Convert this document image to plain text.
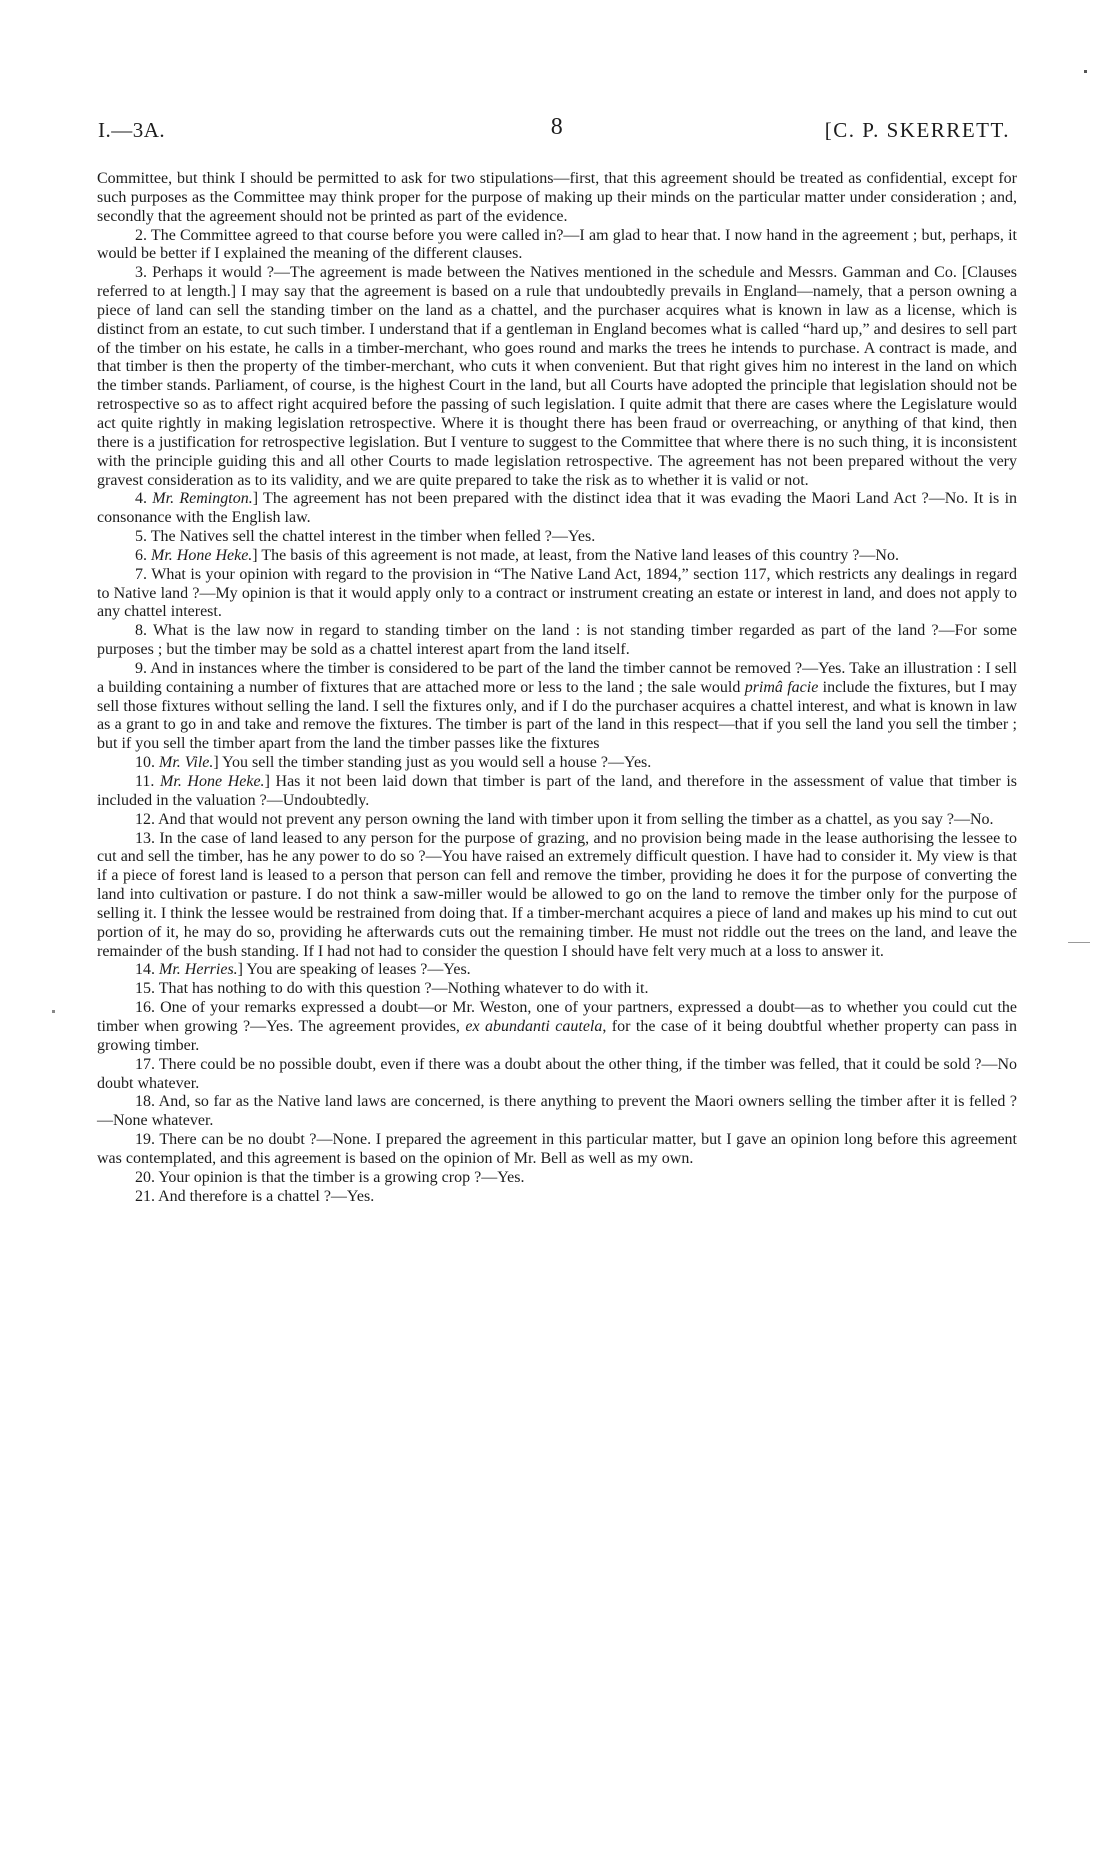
I.—3A.	8	[C. P. SKERRETT.

Committee, but think I should be permitted to ask for two stipulations—first, that this agreement should be treated as confidential, except for such purposes as the Committee may think proper for the purpose of making up their minds on the particular matter under consideration ; and, secondly that the agreement should not be printed as part of the evidence.

2. The Committee agreed to that course before you were called in?—I am glad to hear that. I now hand in the agreement ; but, perhaps, it would be better if I explained the meaning of the different clauses.

3. Perhaps it would ?—The agreement is made between the Natives mentioned in the schedule and Messrs. Gamman and Co. [Clauses referred to at length.] I may say that the agreement is based on a rule that undoubtedly prevails in England—namely, that a person owning a piece of land can sell the standing timber on the land as a chattel, and the purchaser acquires what is known in law as a license, which is distinct from an estate, to cut such timber. I understand that if a gentleman in England becomes what is called “hard up,” and desires to sell part of the timber on his estate, he calls in a timber-merchant, who goes round and marks the trees he intends to purchase. A contract is made, and that timber is then the property of the timber-merchant, who cuts it when convenient. But that right gives him no interest in the land on which the timber stands. Parliament, of course, is the highest Court in the land, but all Courts have adopted the principle that legislation should not be retrospective so as to affect right acquired before the passing of such legislation. I quite admit that there are cases where the Legislature would act quite rightly in making legislation retrospective. Where it is thought there has been fraud or overreaching, or anything of that kind, then there is a justification for retrospective legislation. But I venture to suggest to the Committee that where there is no such thing, it is inconsistent with the principle guiding this and all other Courts to made legislation retrospective. The agreement has not been prepared without the very gravest consideration as to its validity, and we are quite prepared to take the risk as to whether it is valid or not.

4. Mr. Remington.] The agreement has not been prepared with the distinct idea that it was evading the Maori Land Act ?—No. It is in consonance with the English law.

5. The Natives sell the chattel interest in the timber when felled ?—Yes.

6. Mr. Hone Heke.] The basis of this agreement is not made, at least, from the Native land leases of this country ?—No.

7. What is your opinion with regard to the provision in “The Native Land Act, 1894,” section 117, which restricts any dealings in regard to Native land ?—My opinion is that it would apply only to a contract or instrument creating an estate or interest in land, and does not apply to any chattel interest.

8. What is the law now in regard to standing timber on the land : is not standing timber regarded as part of the land ?—For some purposes ; but the timber may be sold as a chattel interest apart from the land itself.

9. And in instances where the timber is considered to be part of the land the timber cannot be removed ?—Yes. Take an illustration : I sell a building containing a number of fixtures that are attached more or less to the land ; the sale would primâ facie include the fixtures, but I may sell those fixtures without selling the land. I sell the fixtures only, and if I do the purchaser acquires a chattel interest, and what is known in law as a grant to go in and take and remove the fixtures. The timber is part of the land in this respect—that if you sell the land you sell the timber ; but if you sell the timber apart from the land the timber passes like the fixtures

10. Mr. Vile.] You sell the timber standing just as you would sell a house ?—Yes.

11. Mr. Hone Heke.] Has it not been laid down that timber is part of the land, and therefore in the assessment of value that timber is included in the valuation ?—Undoubtedly.

12. And that would not prevent any person owning the land with timber upon it from selling the timber as a chattel, as you say ?—No.

13. In the case of land leased to any person for the purpose of grazing, and no provision being made in the lease authorising the lessee to cut and sell the timber, has he any power to do so ?—You have raised an extremely difficult question. I have had to consider it. My view is that if a piece of forest land is leased to a person that person can fell and remove the timber, providing he does it for the purpose of converting the land into cultivation or pasture. I do not think a saw-miller would be allowed to go on the land to remove the timber only for the purpose of selling it. I think the lessee would be restrained from doing that. If a timber-merchant acquires a piece of land and makes up his mind to cut out portion of it, he may do so, providing he afterwards cuts out the remaining timber. He must not riddle out the trees on the land, and leave the remainder of the bush standing. If I had not had to consider the question I should have felt very much at a loss to answer it.

14. Mr. Herries.] You are speaking of leases ?—Yes.

15. That has nothing to do with this question ?—Nothing whatever to do with it.

16. One of your remarks expressed a doubt—or Mr. Weston, one of your partners, expressed a doubt—as to whether you could cut the timber when growing ?—Yes. The agreement provides, ex abundanti cautela, for the case of it being doubtful whether property can pass in growing timber.

17. There could be no possible doubt, even if there was a doubt about the other thing, if the timber was felled, that it could be sold ?—No doubt whatever.

18. And, so far as the Native land laws are concerned, is there anything to prevent the Maori owners selling the timber after it is felled ?—None whatever.

19. There can be no doubt ?—None. I prepared the agreement in this particular matter, but I gave an opinion long before this agreement was contemplated, and this agreement is based on the opinion of Mr. Bell as well as my own.

20. Your opinion is that the timber is a growing crop ?—Yes.

21. And therefore is a chattel ?—Yes.
